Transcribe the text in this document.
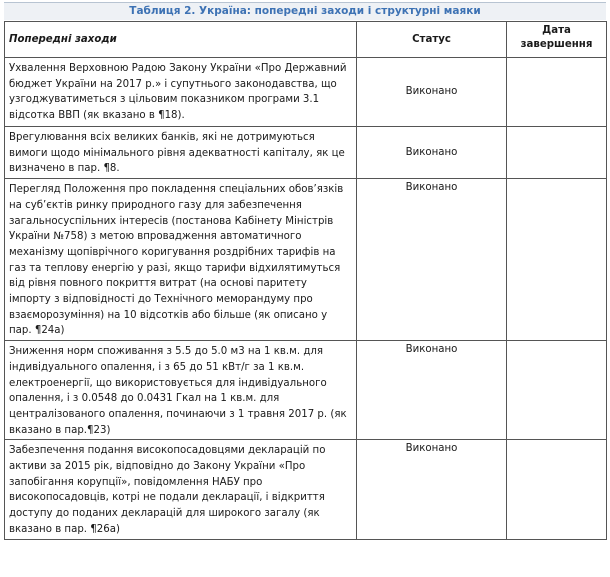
Таблиця 2. Україна: попередні заходи і структурні маяки
Попередні заходи	Статус	Дата завершення
Ухвалення Верховною Радою Закону України «Про Державний бюджет України на 2017 р.» і супутнього законодавства, що узгоджуватиметься з цільовим показником програми 3.1 відсотка ВВП (як вказано в ¶18).	Виконано	
Врегулювання всіх великих банків, які не дотримуються вимоги щодо мінімального рівня адекватності капіталу, як це визначено в пар. ¶8.	Виконано	
Перегляд Положення про покладення спеціальних обов’язків на суб’єктів ринку природного газу для забезпечення загальносуспільних інтересів (постанова Кабінету Міністрів України №758) з метою впровадження автоматичного механізму щопіврічного коригування роздрібних тарифів на газ та теплову енергію у разі, якщо тарифи відхилятимуться від рівня повного покриття витрат (на основі паритету імпорту з відповідності до Технічного меморандуму про взаєморозуміння) на 10 відсотків або більше (як описано у пар. ¶24а)	Виконано	
Зниження норм споживання з 5.5 до 5.0 м3 на 1 кв.м. для індивідуального опалення, і з 65 до 51 кВт/г за 1 кв.м. електроенергії, що використовується для індивідуального опалення, і з 0.0548 до 0.0431 Гкал на 1 кв.м. для централізованого опалення, починаючи з 1 травня 2017 р. (як вказано в пар.¶23)	Виконано	
Забезпечення подання високопосадовцями декларацій по активи за 2015 рік, відповідно до Закону України «Про запобігання корупції», повідомлення НАБУ про високопосадовців, котрі не подали декларації, і відкриття доступу до поданих декларацій для широкого загалу (як вказано в пар. ¶26а)	Виконано	
